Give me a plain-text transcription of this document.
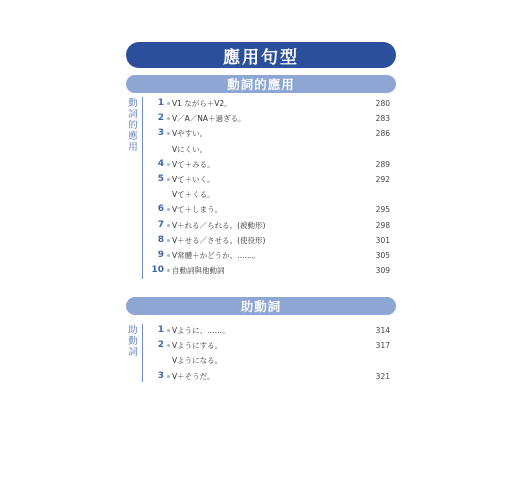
應用句型
動詞的應用
動詞的應用
1 V1 ながら＋V2。	280
2 V／A／NA＋過ぎる。	283
3 Vやすい。	286
Vにくい。
4 Vて＋みる。	289
5 Vて＋いく。	292
Vて＋くる。
6 Vて＋しまう。	295
7 V＋れる／られる。(被動形)	298
8 V＋せる／させる。(使役形)	301
9 V常體＋かどうか、……。	305
10 自動詞與他動詞	309
助動詞
助動詞
1 Vように、……。	314
2 Vようにする。	317
Vようになる。
3 V＋そうだ。	321
